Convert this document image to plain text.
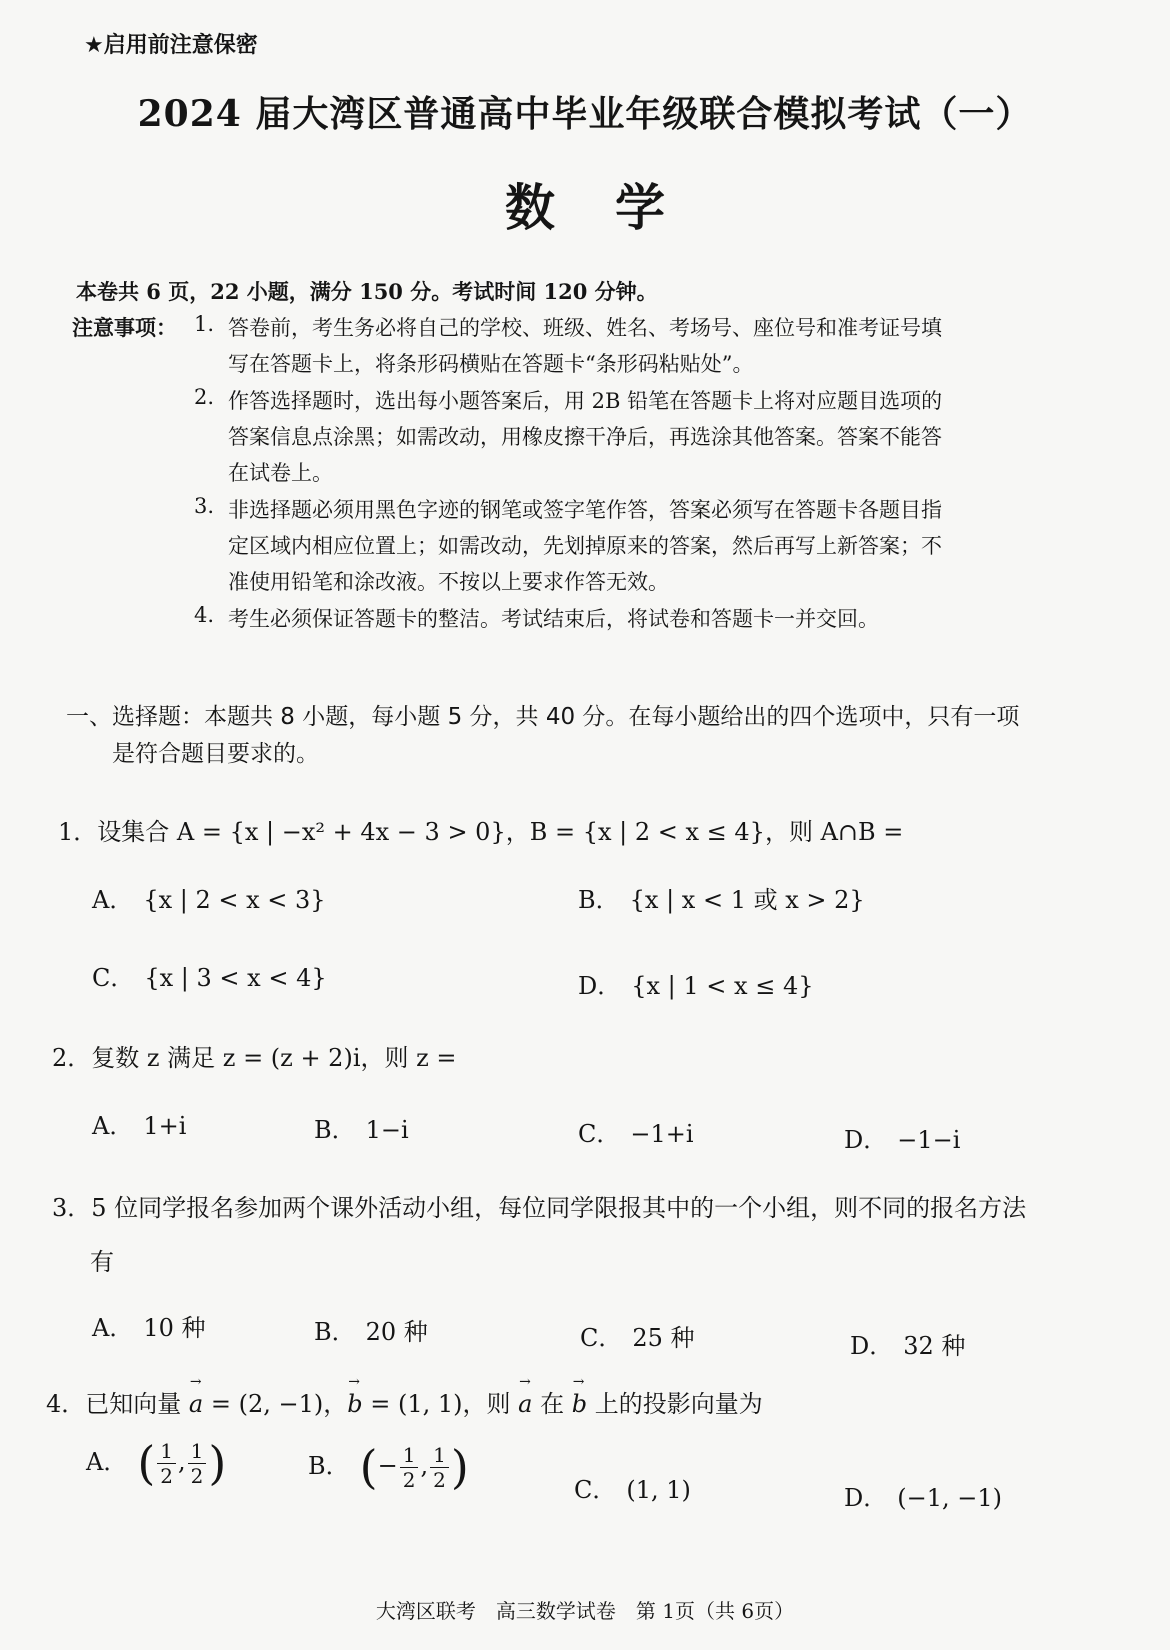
★启用前注意保密
2024 届大湾区普通高中毕业年级联合模拟考试（一）
数学
本卷共 6 页，22 小题，满分 150 分。考试时间 120 分钟。
注意事项： 1. 答卷前，考生务必将自己的学校、班级、姓名、考场号、座位号和准考证号填
写在答题卡上，将条形码横贴在答题卡“条形码粘贴处”。
2. 作答选择题时，选出每小题答案后，用 2B 铅笔在答题卡上将对应题目选项的
答案信息点涂黑；如需改动，用橡皮擦干净后，再选涂其他答案。答案不能答
在试卷上。
3. 非选择题必须用黑色字迹的钢笔或签字笔作答，答案必须写在答题卡各题目指
定区域内相应位置上；如需改动，先划掉原来的答案，然后再写上新答案；不
准使用铅笔和涂改液。不按以上要求作答无效。
4. 考生必须保证答题卡的整洁。考试结束后，将试卷和答题卡一并交回。
一、选择题：本题共 8 小题，每小题 5 分，共 40 分。在每小题给出的四个选项中，只有一项
是符合题目要求的。
1．设集合 A = {x | −x² + 4x − 3 > 0}，B = {x | 2 < x ≤ 4}，则 A∩B =
A． {x | 2 < x < 3}	B． {x | x < 1 或 x > 2}
C． {x | 3 < x < 4}	D． {x | 1 < x ≤ 4}
2．复数 z 满足 z = (z + 2)i，则 z =
A． 1+i	B． 1−i	C． −1+i	D． −1−i
3．5 位同学报名参加两个课外活动小组，每位同学限报其中的一个小组，则不同的报名方法
有
A． 10 种	B． 20 种	C． 25 种	D． 32 种
4．已知向量 → a = (2, −1)，→ b = (1, 1)，则 → a 在 → b 上的投影向量为
A． ( $\frac{1}{2}$ , $\frac{1}{2}$ )	B． (− $\frac{1}{2}$ , $\frac{1}{2}$ )	C． (1, 1)	D． (−1, −1)
大湾区联考　高三数学试卷　第 1页（共 6页）
